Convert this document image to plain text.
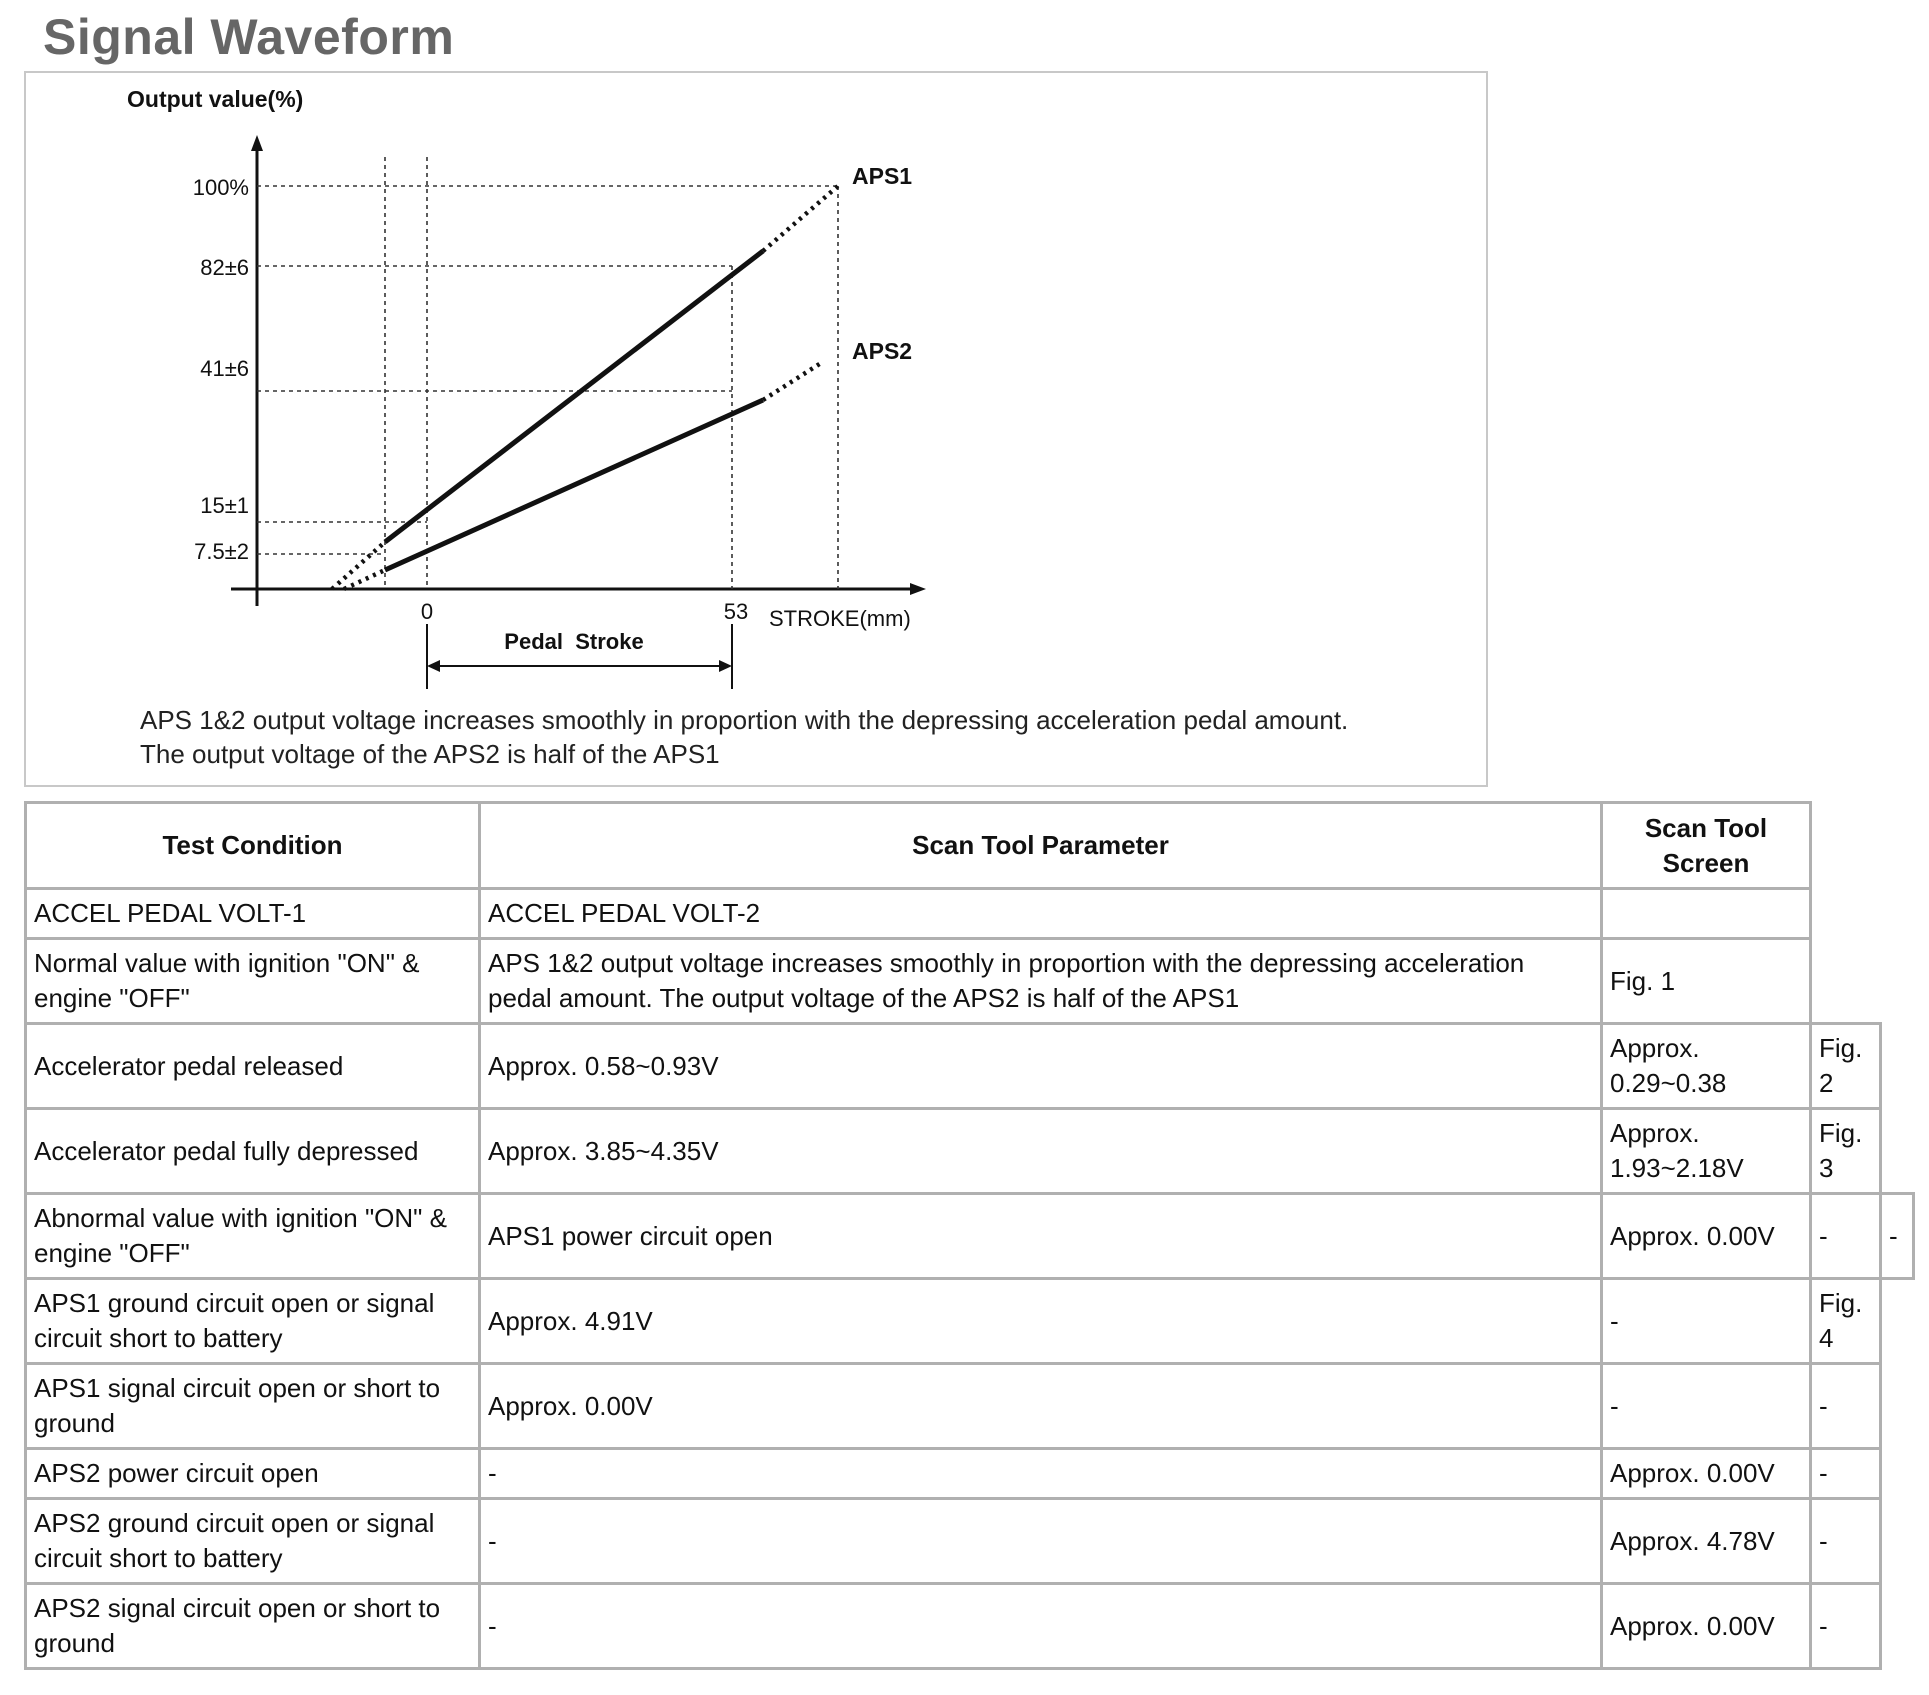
Signal Waveform
Output value(%)
100%
82±6
41±6
15±1
7.5±2
0	53 STROKE(mm)
Pedal  Stroke
APS1
APS2
APS 1&2 output voltage increases smoothly in proportion with the depressing acceleration pedal amount.
The output voltage of the APS2 is half of the APS1
Test Condition	Scan Tool Parameter	Scan Tool Screen		
ACCEL PEDAL VOLT-1	ACCEL PEDAL VOLT-2			
Normal value with ignition "ON" & engine "OFF"	APS 1&2 output voltage increases smoothly in proportion with the depressing acceleration pedal amount. The output voltage of the APS2 is half of the APS1	Fig. 1		
Accelerator pedal released	Approx. 0.58~0.93V	Approx. 0.29~0.38	Fig. 2	
Accelerator pedal fully depressed	Approx. 3.85~4.35V	Approx. 1.93~2.18V	Fig. 3	
Abnormal value with ignition "ON" & engine "OFF"	APS1 power circuit open	Approx. 0.00V	-	-
APS1 ground circuit open or signal circuit short to battery	Approx. 4.91V	-	Fig. 4	
APS1 signal circuit open or short to ground	Approx. 0.00V	-	-	
APS2 power circuit open	-	Approx. 0.00V	-	
APS2 ground circuit open or signal circuit short to battery	-	Approx. 4.78V	-	
APS2 signal circuit open or short to ground	-	Approx. 0.00V	-	
